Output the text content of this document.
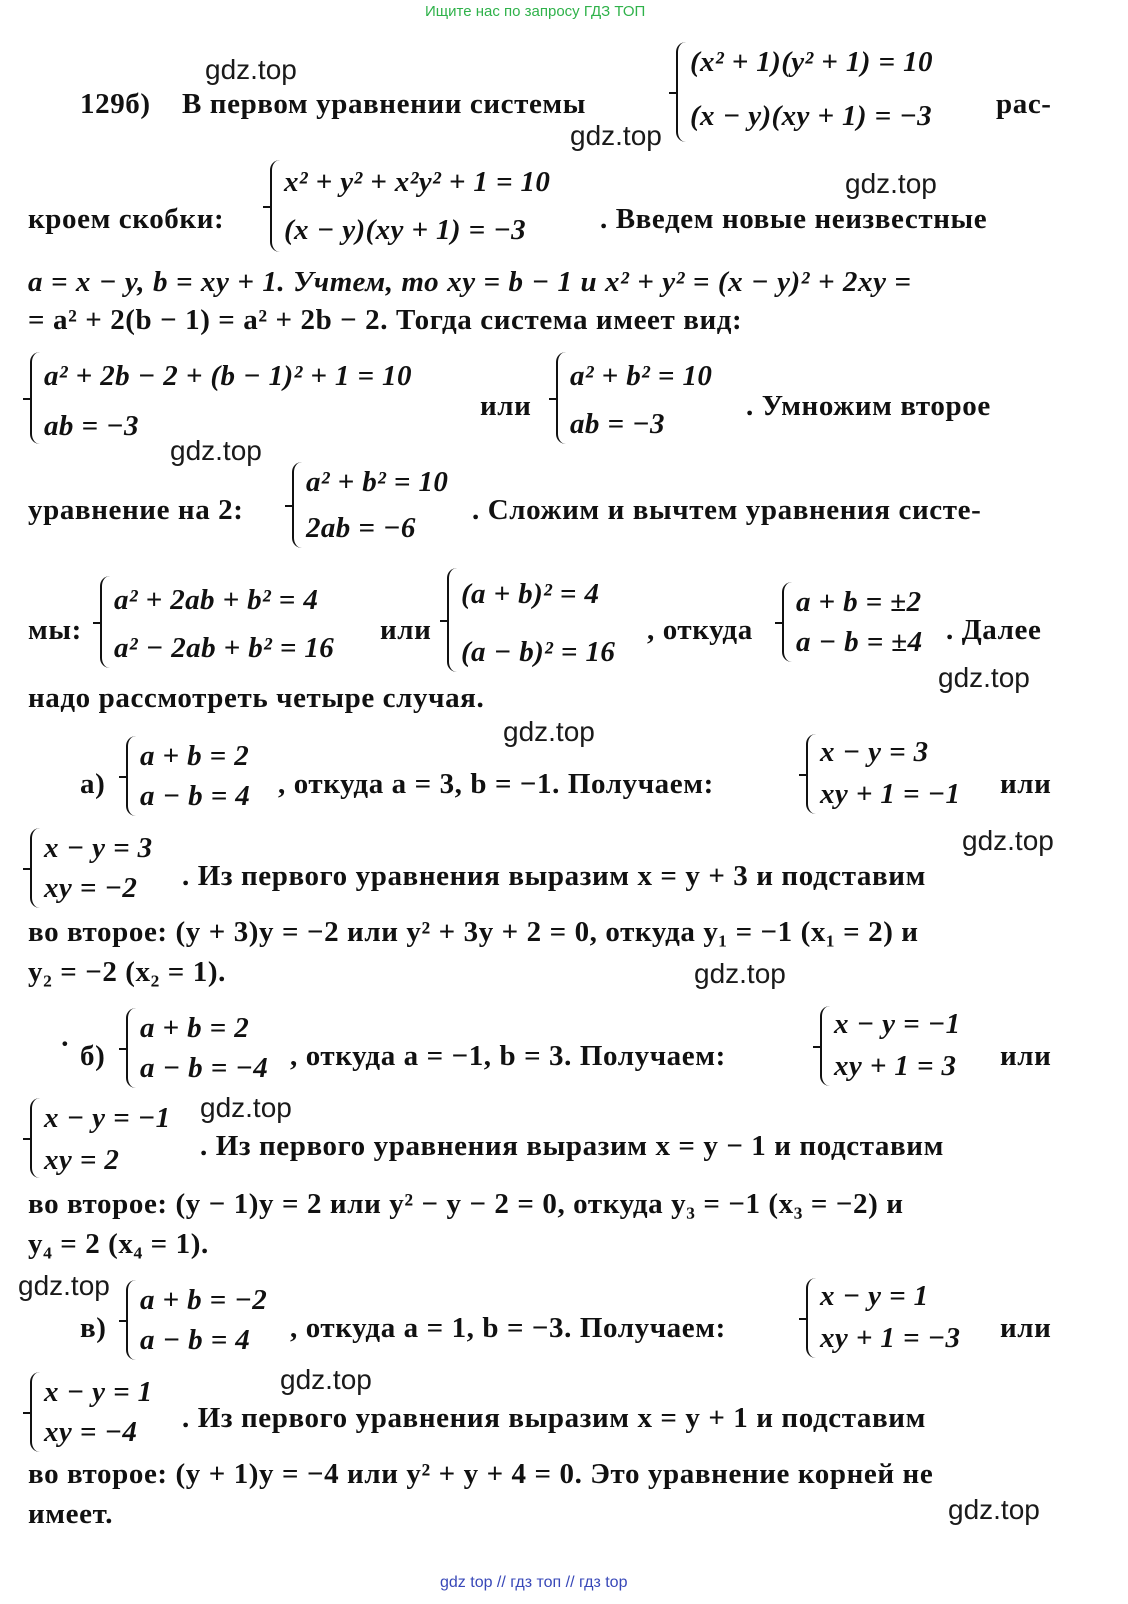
Ищите нас по запросу ГДЗ ТОП
gdz.top
gdz.top
gdz.top
gdz.top
gdz.top
gdz.top
gdz.top
gdz.top
gdz.top
gdz.top
gdz.top
gdz.top
129б) В первом уравнении системы
(x² + 1)(y² + 1) = 10
(x − y)(xy + 1) = −3 рас-
кроем скобки:
x² + y² + x²y² + 1 = 10
(x − y)(xy + 1) = −3	. Введем новые неизвестные
a = x − y, b = xy + 1. Учтем, то xy = b − 1 и x² + y² = (x − y)² + 2xy =
= a² + 2(b − 1) = a² + 2b − 2. Тогда система имеет вид:
a² + 2b − 2 + (b − 1)² + 1 = 10
ab = −3
или
a² + b² = 10
ab = −3
. Умножим второе
уравнение на 2:
a² + b² = 10
2ab = −6
. Сложим и вычтем уравнения систе-
мы:
a² + 2ab + b² = 4
a² − 2ab + b² = 16
или
(a + b)² = 4
(a − b)² = 16
, откуда
a + b = ±2
a − b = ±4 . Далее
надо рассмотреть четыре случая.
а)
a + b = 2
a − b = 4 , откуда a = 3, b = −1. Получаем:
x − y = 3
xy + 1 = −1 или
x − y = 3
xy = −2 . Из первого уравнения выразим x = y + 3 и подставим
во второе: (y + 3)y = −2 или y² + 3y + 2 = 0, откуда y₁ = −1 (x₁ = 2) и
y₂ = −2 (x₂ = 1).
· б)
a + b = 2
a − b = −4 , откуда a = −1, b = 3. Получаем:
x − y = −1
xy + 1 = 3 или
x − y = −1
xy = 2	. Из первого уравнения выразим x = y − 1 и подставим
во второе: (y − 1)y = 2 или y² − y − 2 = 0, откуда y₃ = −1 (x₃ = −2) и
y₄ = 2 (x₄ = 1).
в)
a + b = −2
a − b = 4 , откуда a = 1, b = −3. Получаем:
x − y = 1
xy + 1 = −3 или
x − y = 1
xy = −4 . Из первого уравнения выразим x = y + 1 и подставим
во второе: (y + 1)y = −4 или y² + y + 4 = 0. Это уравнение корней не
имеет.
gdz top // гдз топ // гдз top
